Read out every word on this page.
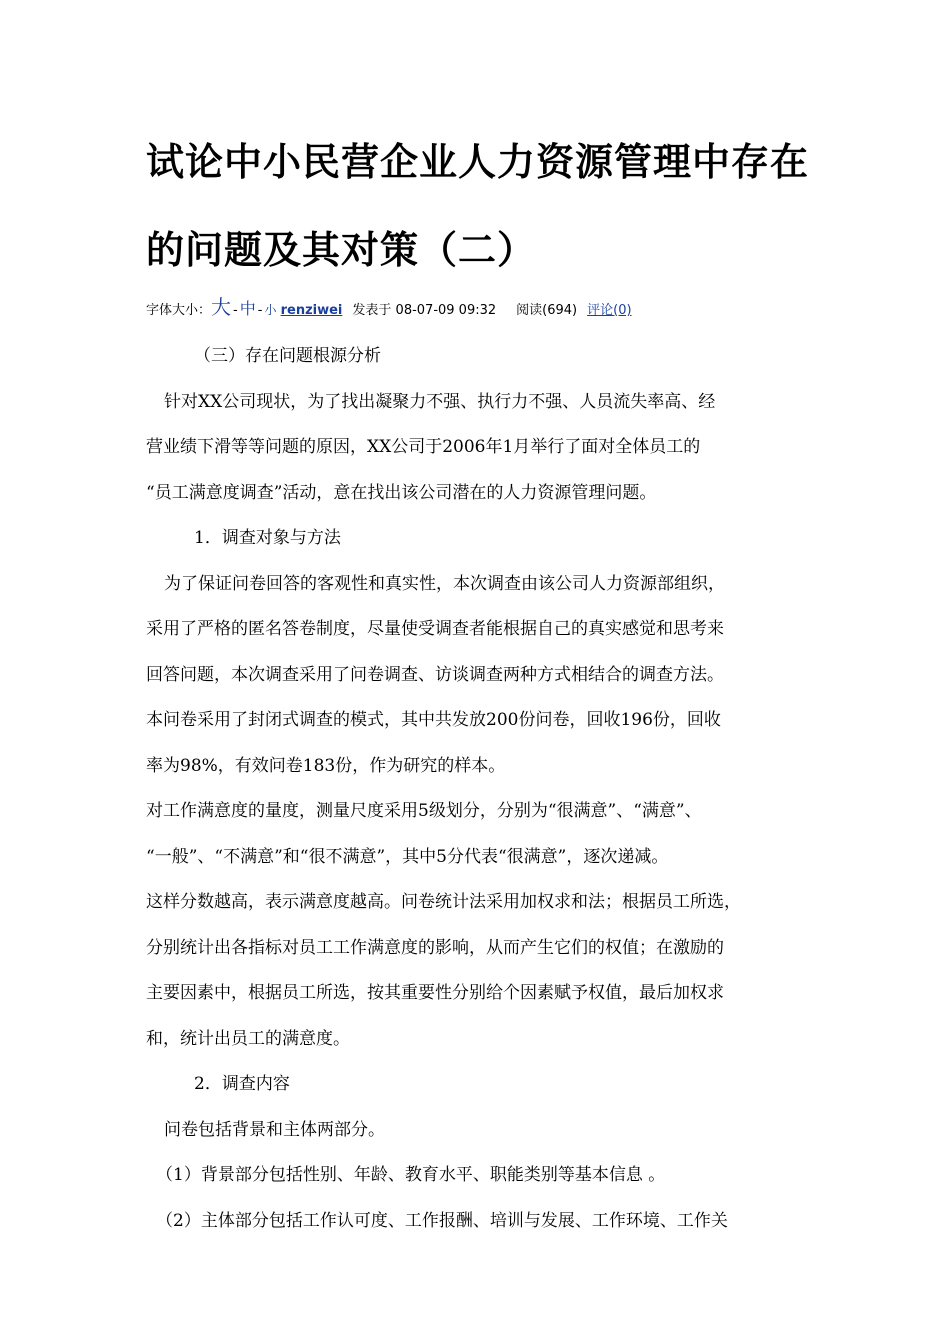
试论中小民营企业人力资源管理中存在
的问题及其对策（二）
字体大小：大 - 中 - 小 renziwei 发表于 08-07-09 09:32 阅读(694) 评论(0)

（三）存在问题根源分析

针对XX公司现状，为了找出凝聚力不强、执行力不强、人员流失率高、经

营业绩下滑等等问题的原因，XX公司于2006年1月举行了面对全体员工的

“员工满意度调查”活动，意在找出该公司潜在的人力资源管理问题。

1．调查对象与方法

为了保证问卷回答的客观性和真实性，本次调查由该公司人力资源部组织，

采用了严格的匿名答卷制度，尽量使受调查者能根据自己的真实感觉和思考来

回答问题，本次调查采用了问卷调查、访谈调查两种方式相结合的调查方法。

本问卷采用了封闭式调查的模式，其中共发放200份问卷，回收196份，回收

率为98%，有效问卷183份，作为研究的样本。

对工作满意度的量度，测量尺度采用5级划分，分别为“很满意”、“满意”、

“一般”、“不满意”和“很不满意”，其中5分代表“很满意”，逐次递减。

这样分数越高，表示满意度越高。问卷统计法采用加权求和法；根据员工所选，

分别统计出各指标对员工工作满意度的影响，从而产生它们的权值；在激励的

主要因素中，根据员工所选，按其重要性分别给个因素赋予权值，最后加权求

和，统计出员工的满意度。

2．调查内容

问卷包括背景和主体两部分。

（1）背景部分包括性别、年龄、教育水平、职能类别等基本信息 。

（2）主体部分包括工作认可度、工作报酬、培训与发展、工作环境、工作关
